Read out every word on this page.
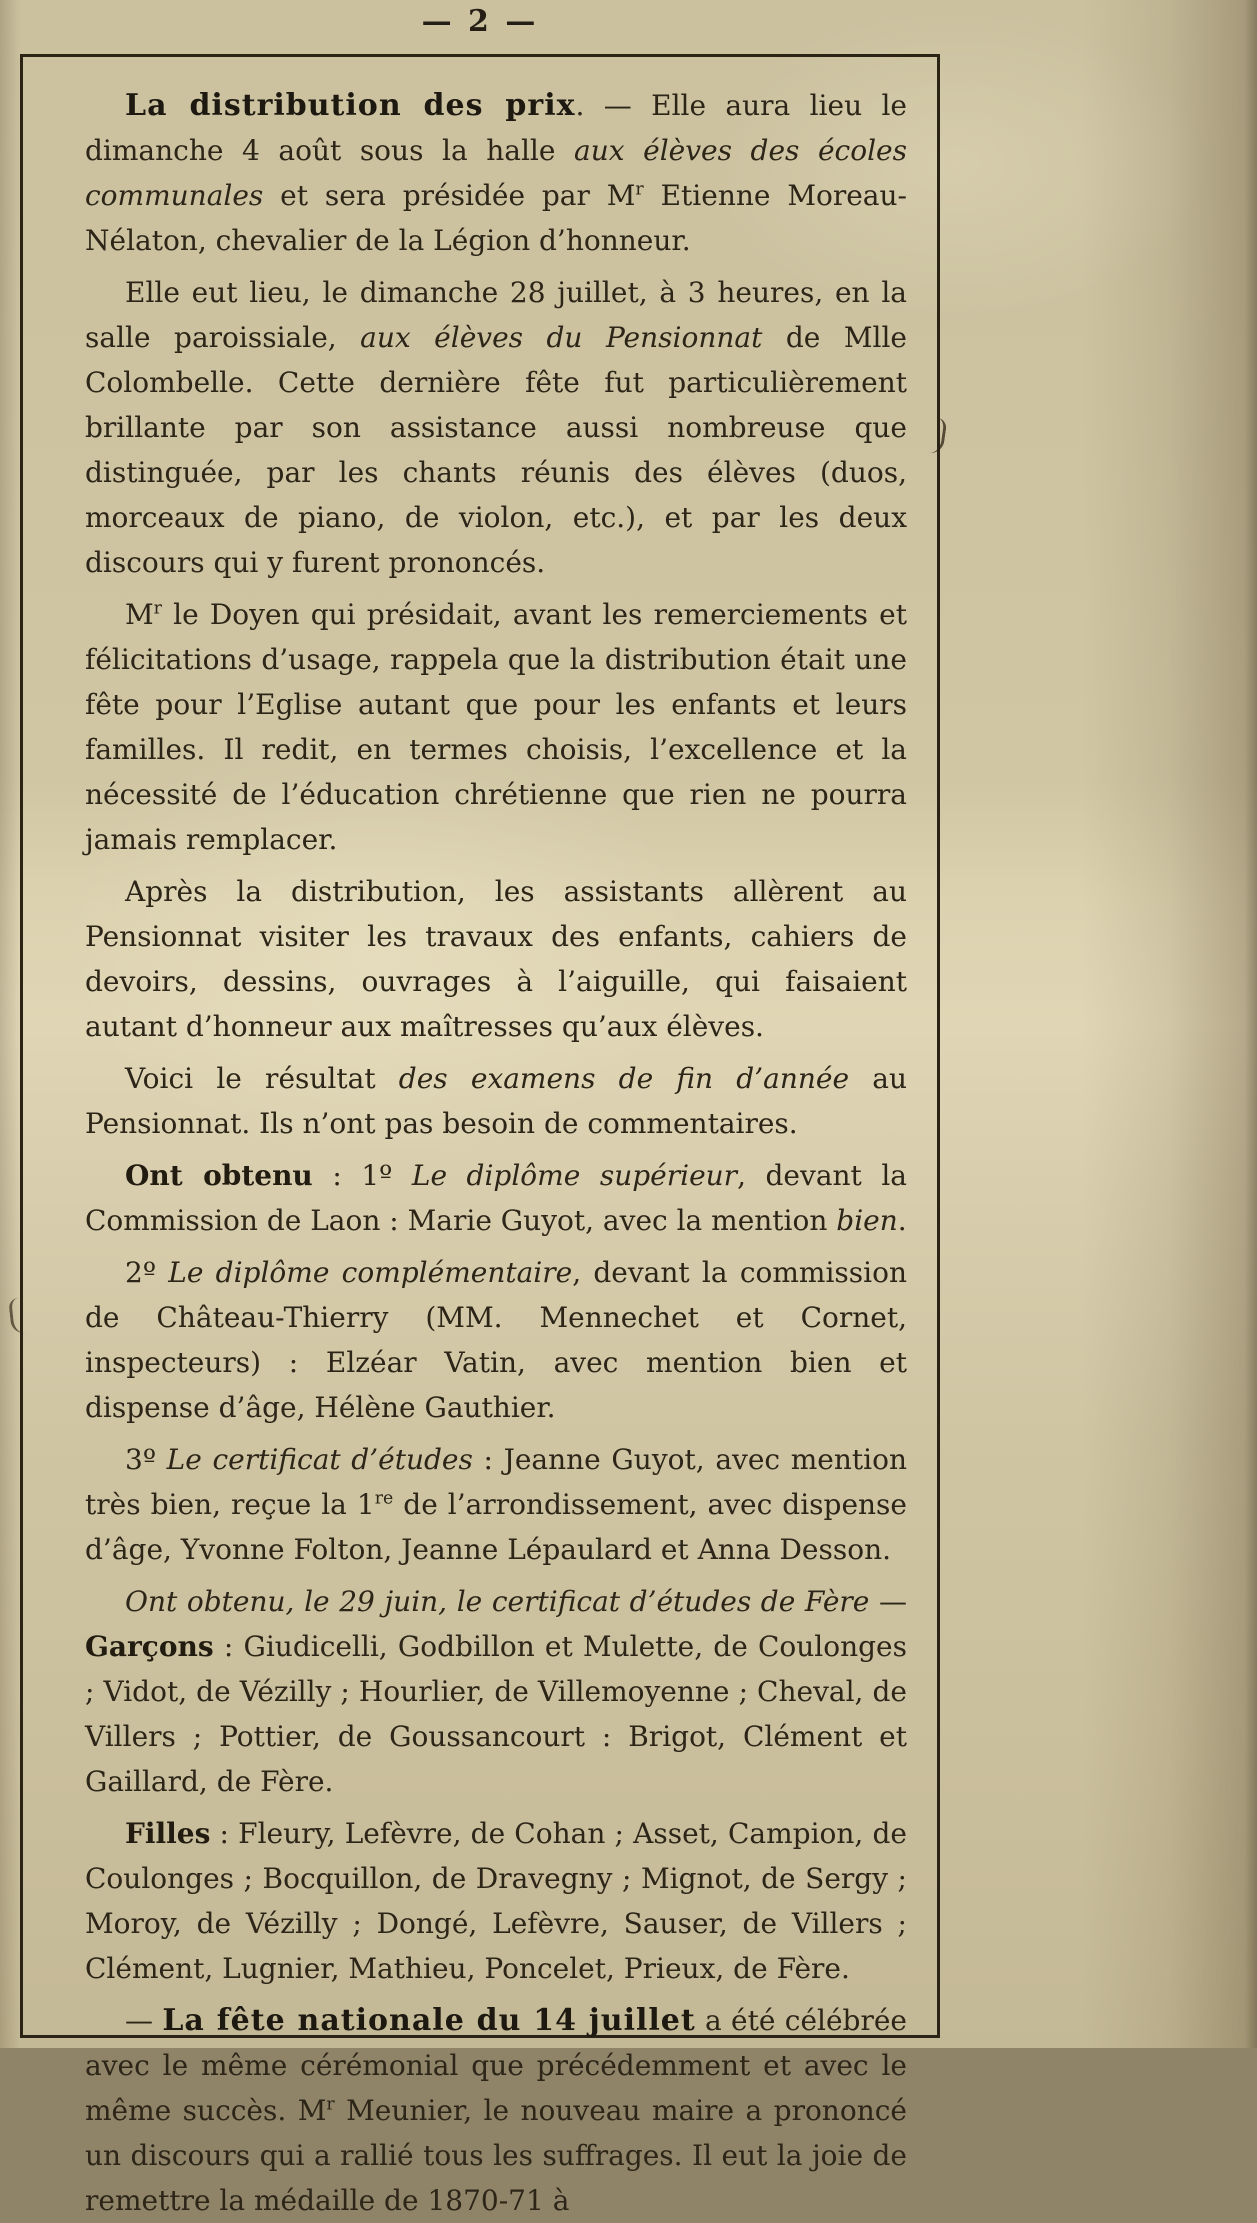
— 2 —

La distribution des prix. — Elle aura lieu le dimanche 4 août sous la halle aux élèves des écoles communales et sera présidée par $M^r$ Etienne Moreau-Nélaton, chevalier de la Légion d’honneur.

Elle eut lieu, le dimanche 28 juillet, à 3 heures, en la salle paroissiale, aux élèves du Pensionnat de Mlle Colombelle. Cette dernière fête fut particulièrement brillante par son assistance aussi nombreuse que distinguée, par les chants réunis des élèves (duos, morceaux de piano, de violon, etc.), et par les deux discours qui y furent prononcés.

$M^r$ le Doyen qui présidait, avant les remerciements et félicitations d’usage, rappela que la distribution était une fête pour l’Eglise autant que pour les enfants et leurs familles. Il redit, en termes choisis, l’excellence et la nécessité de l’éducation chrétienne que rien ne pourra jamais remplacer.

Après la distribution, les assistants allèrent au Pensionnat visiter les travaux des enfants, cahiers de devoirs, dessins, ouvrages à l’aiguille, qui faisaient autant d’honneur aux maîtresses qu’aux élèves.

Voici le résultat des examens de fin d’année au Pensionnat. Ils n’ont pas besoin de commentaires.

Ont obtenu : 1º Le diplôme supérieur, devant la Commission de Laon : Marie Guyot, avec la mention bien.

2º Le diplôme complémentaire, devant la commission de Château-Thierry (MM. Mennechet et Cornet, inspecteurs) : Elzéar Vatin, avec mention bien et dispense d’âge, Hélène Gauthier.

3º Le certificat d’études : Jeanne Guyot, avec mention très bien, reçue la 1re de l’arrondissement, avec dispense d’âge, Yvonne Folton, Jeanne Lépaulard et Anna Desson.

Ont obtenu, le 29 juin, le certificat d’études de Fère — Garçons : Giudicelli, Godbillon et Mulette, de Coulonges ; Vidot, de Vézilly ; Hourlier, de Villemoyenne ; Cheval, de Villers ; Pottier, de Goussancourt : Brigot, Clément et Gaillard, de Fère.

Filles : Fleury, Lefèvre, de Cohan ; Asset, Campion, de Coulonges ; Bocquillon, de Dravegny ; Mignot, de Sergy ; Moroy, de Vézilly ; Dongé, Lefèvre, Sauser, de Villers ; Clément, Lugnier, Mathieu, Poncelet, Prieux, de Fère.

— La fête nationale du 14 juillet a été célébrée avec le même cérémonial que précédemment et avec le même succès. $M^r$ Meunier, le nouveau maire a prononcé un discours qui a rallié tous les suffrages. Il eut la joie de remettre la médaille de 1870-71 à
